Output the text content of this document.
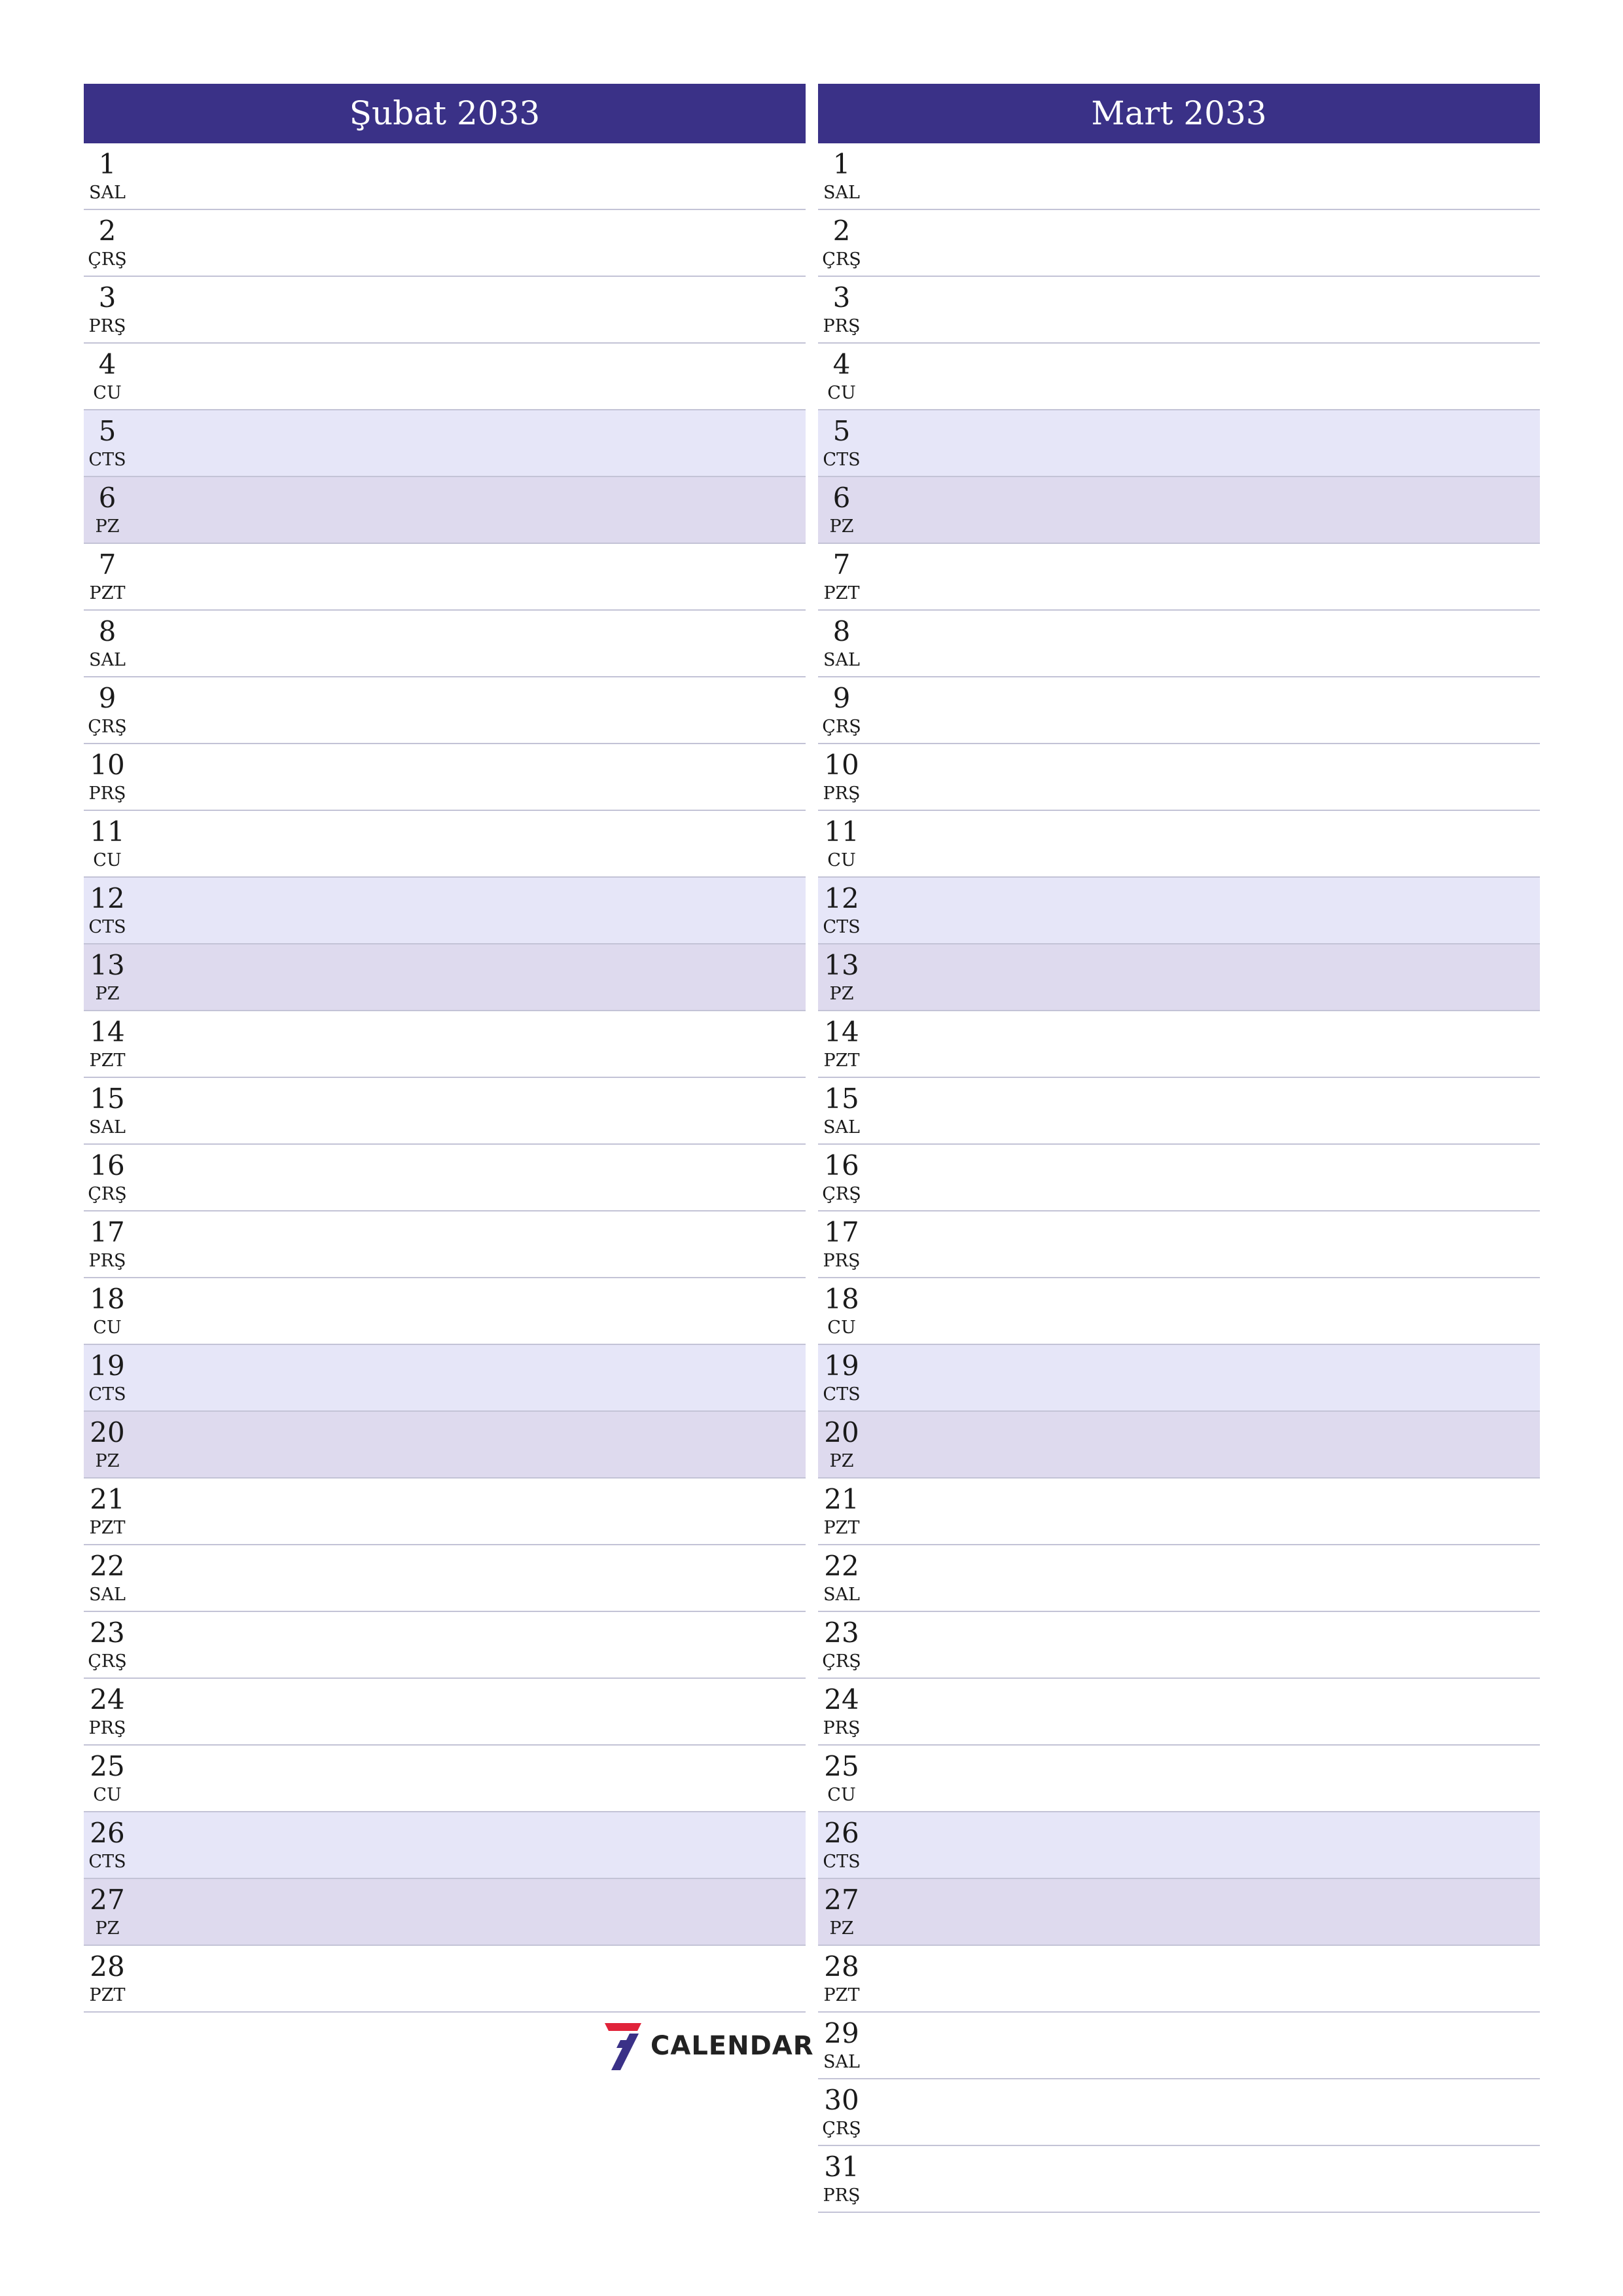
Şubat 2033
1
SAL
2
ÇRŞ
3
PRŞ
4
CU
5
CTS
6
PZ
7
PZT
8
SAL
9
ÇRŞ
10
PRŞ
11
CU
12
CTS
13
PZ
14
PZT
15
SAL
16
ÇRŞ
17
PRŞ
18
CU
19
CTS
20
PZ
21
PZT
22
SAL
23
ÇRŞ
24
PRŞ
25
CU
26
CTS
27
PZ
28
PZT
Mart 2033
1
SAL
2
ÇRŞ
3
PRŞ
4
CU
5
CTS
6
PZ
7
PZT
8
SAL
9
ÇRŞ
10
PRŞ
11
CU
12
CTS
13
PZ
14
PZT
15
SAL
16
ÇRŞ
17
PRŞ
18
CU
19
CTS
20
PZ
21
PZT
22
SAL
23
ÇRŞ
24
PRŞ
25
CU
26
CTS
27
PZ
28
PZT
29
SAL
30
ÇRŞ
31
PRŞ
CALENDAR
